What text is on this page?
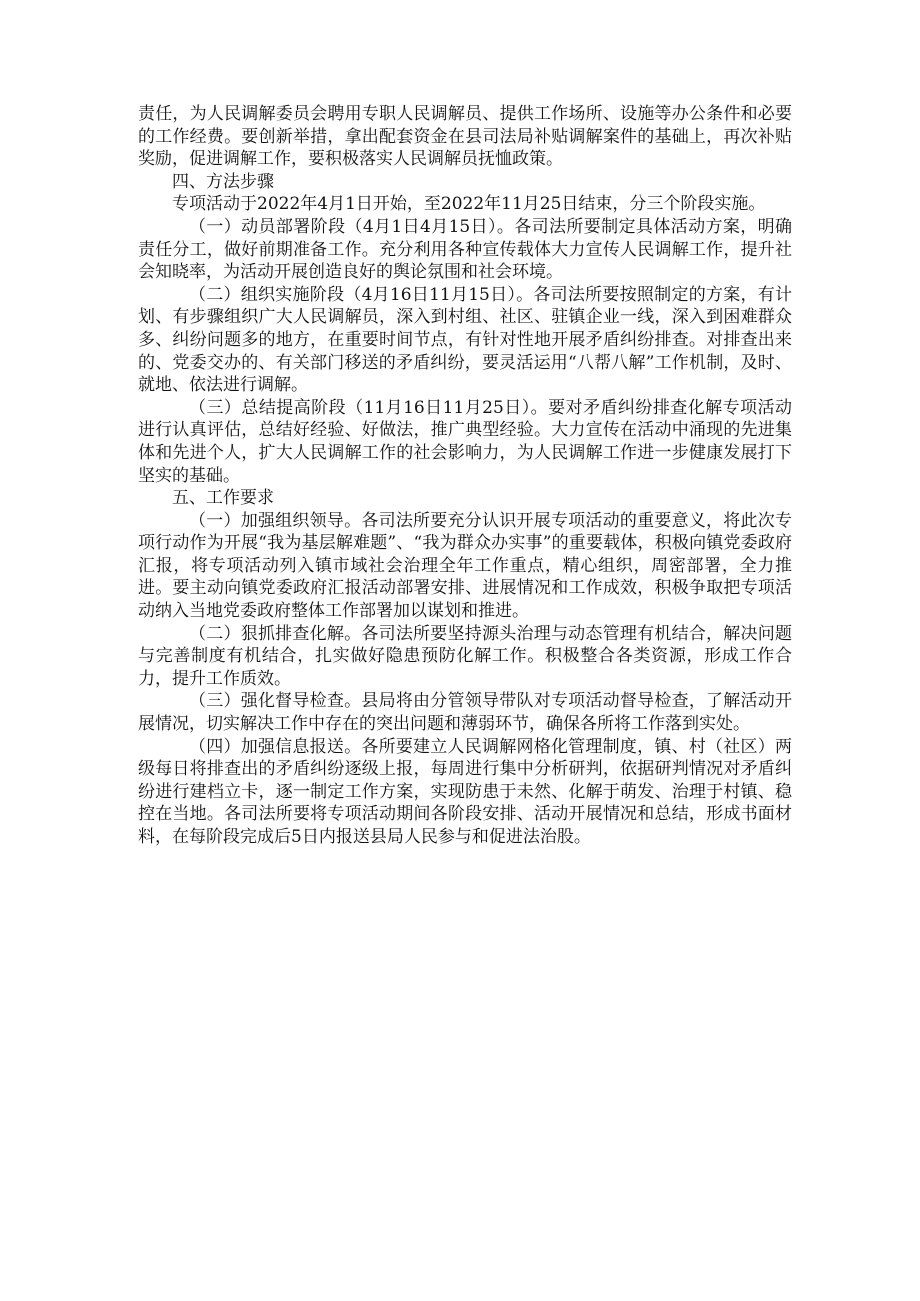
责任，为人民调解委员会聘用专职人民调解员、提供工作场所、设施等办公条件和必要的工作经费。要创新举措，拿出配套资金在县司法局补贴调解案件的基础上，再次补贴奖励，促进调解工作，要积极落实人民调解员抚恤政策。

四、方法步骤

专项活动于2022年4月1日开始，至2022年11月25日结束，分三个阶段实施。

（一）动员部署阶段（4月1日4月15日）。各司法所要制定具体活动方案，明确责任分工，做好前期准备工作。充分利用各种宣传载体大力宣传人民调解工作，提升社会知晓率，为活动开展创造良好的舆论氛围和社会环境。

（二）组织实施阶段（4月16日11月15日）。各司法所要按照制定的方案，有计划、有步骤组织广大人民调解员，深入到村组、社区、驻镇企业一线，深入到困难群众多、纠纷问题多的地方，在重要时间节点，有针对性地开展矛盾纠纷排查。对排查出来的、党委交办的、有关部门移送的矛盾纠纷，要灵活运用“八帮八解”工作机制，及时、就地、依法进行调解。

（三）总结提高阶段（11月16日11月25日）。要对矛盾纠纷排查化解专项活动进行认真评估，总结好经验、好做法，推广典型经验。大力宣传在活动中涌现的先进集体和先进个人，扩大人民调解工作的社会影响力，为人民调解工作进一步健康发展打下坚实的基础。

五、工作要求

（一）加强组织领导。各司法所要充分认识开展专项活动的重要意义，将此次专项行动作为开展“我为基层解难题”、“我为群众办实事”的重要载体，积极向镇党委政府汇报，将专项活动列入镇市域社会治理全年工作重点，精心组织，周密部署，全力推进。要主动向镇党委政府汇报活动部署安排、进展情况和工作成效，积极争取把专项活动纳入当地党委政府整体工作部署加以谋划和推进。

（二）狠抓排查化解。各司法所要坚持源头治理与动态管理有机结合，解决问题与完善制度有机结合，扎实做好隐患预防化解工作。积极整合各类资源，形成工作合力，提升工作质效。

（三）强化督导检查。县局将由分管领导带队对专项活动督导检查，了解活动开展情况，切实解决工作中存在的突出问题和薄弱环节，确保各所将工作落到实处。

（四）加强信息报送。各所要建立人民调解网格化管理制度，镇、村（社区）两级每日将排查出的矛盾纠纷逐级上报，每周进行集中分析研判，依据研判情况对矛盾纠纷进行建档立卡，逐一制定工作方案，实现防患于未然、化解于萌发、治理于村镇、稳控在当地。各司法所要将专项活动期间各阶段安排、活动开展情况和总结，形成书面材料，在每阶段完成后5日内报送县局人民参与和促进法治股。
